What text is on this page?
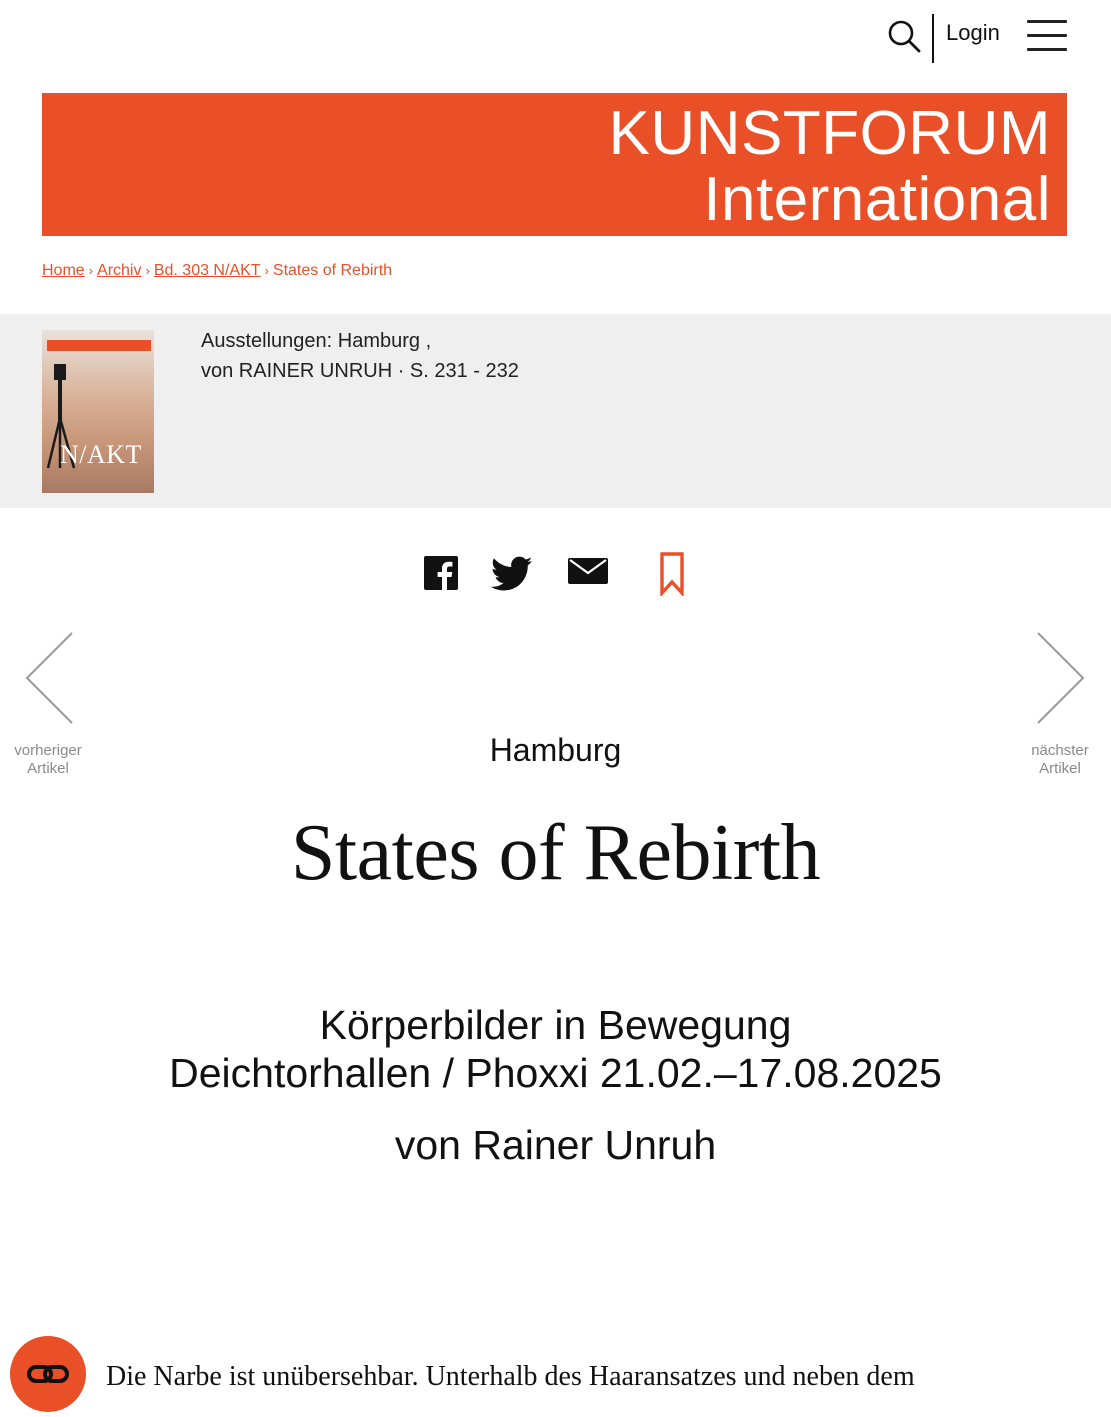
Login
KUNSTFORUM
International
Home › Archiv › Bd. 303 N/AKT › States of Rebirth
N/AKT
Ausstellungen: Hamburg ,
von RAINER UNRUH · S. 231 - 232
vorheriger
Artikel
nächster
Artikel
Hamburg
States of Rebirth
Körperbilder in Bewegung
Deichtorhallen / Phoxxi 21.02.–17.08.2025
von Rainer Unruh
Die Narbe ist unübersehbar. Unterhalb des Haaransatzes und neben dem
